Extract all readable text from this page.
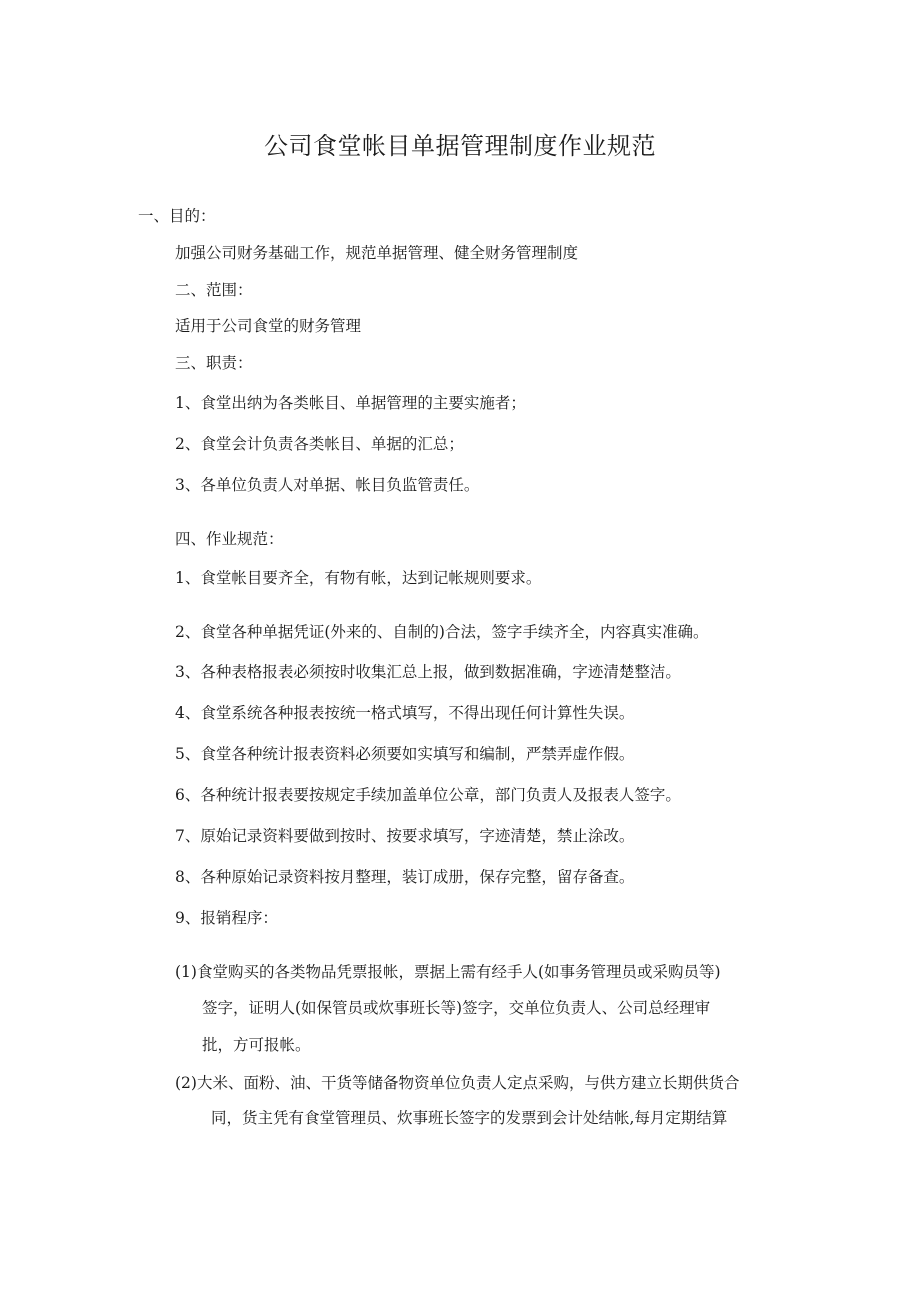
公司食堂帐目单据管理制度作业规范
一、目的：
加强公司财务基础工作，规范单据管理、健全财务管理制度
二、范围：
适用于公司食堂的财务管理
三、职责：
1、食堂出纳为各类帐目、单据管理的主要实施者；
2、食堂会计负责各类帐目、单据的汇总；
3、各单位负责人对单据、帐目负监管责任。
四、作业规范：
1、食堂帐目要齐全，有物有帐，达到记帐规则要求。
2、食堂各种单据凭证(外来的、自制的)合法，签字手续齐全，内容真实准确。
3、各种表格报表必须按时收集汇总上报，做到数据准确，字迹清楚整洁。
4、食堂系统各种报表按统一格式填写，不得出现任何计算性失误。
5、食堂各种统计报表资料必须要如实填写和编制，严禁弄虚作假。
6、各种统计报表要按规定手续加盖单位公章，部门负责人及报表人签字。
7、原始记录资料要做到按时、按要求填写，字迹清楚，禁止涂改。
8、各种原始记录资料按月整理，装订成册，保存完整，留存备查。
9、报销程序：
(1)食堂购买的各类物品凭票报帐，票据上需有经手人(如事务管理员或采购员等)
签字，证明人(如保管员或炊事班长等)签字，交单位负责人、公司总经理审
批，方可报帐。
(2)大米、面粉、油、干货等储备物资单位负责人定点采购，与供方建立长期供货合
同，货主凭有食堂管理员、炊事班长签字的发票到会计处结帐,每月定期结算
